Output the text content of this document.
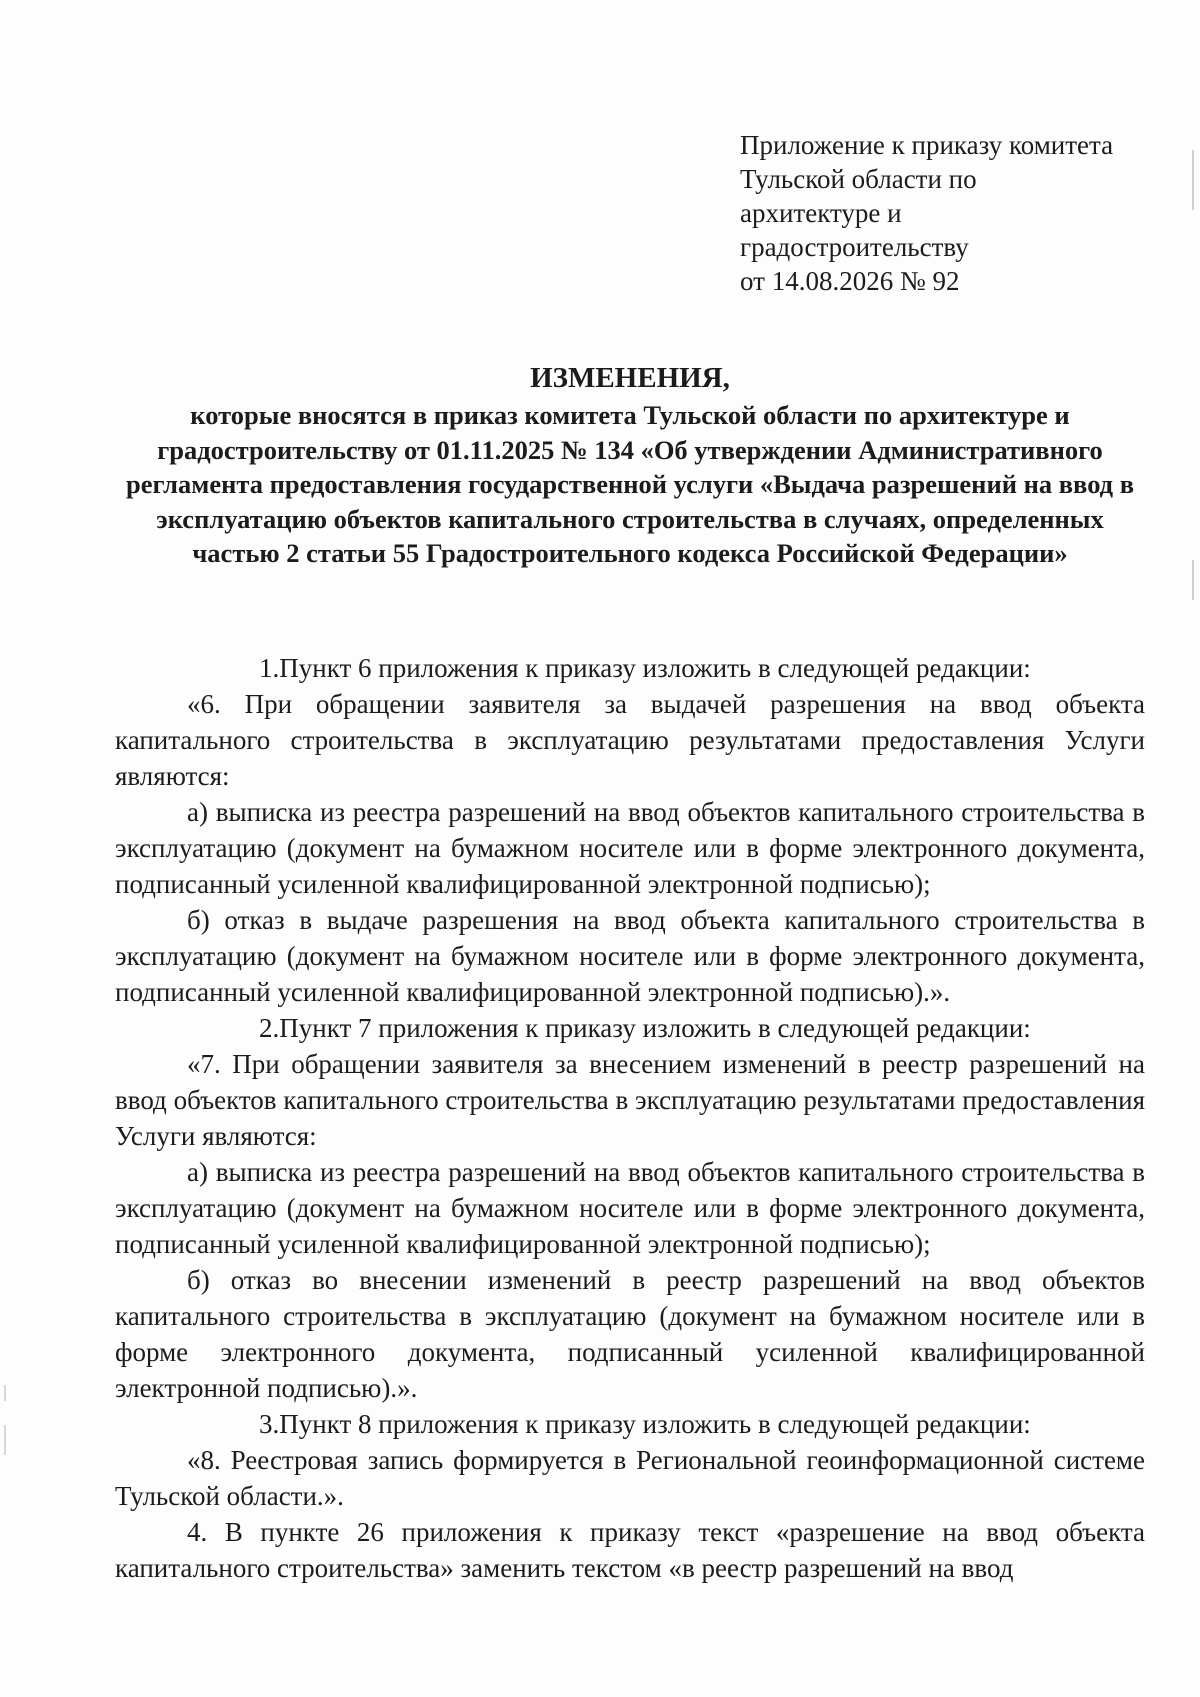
Приложение к приказу комитета
Тульской области по
архитектуре и
градостроительству
от 14.08.2026 № 92
ИЗМЕНЕНИЯ,
которые вносятся в приказ комитета Тульской области по архитектуре и градостроительству от 01.11.2025 № 134 «Об утверждении Административного регламента предоставления государственной услуги «Выдача разрешений на ввод в эксплуатацию объектов капитального строительства в случаях, определенных частью 2 статьи 55 Градостроительного кодекса Российской Федерации»

1.Пункт 6 приложения к приказу изложить в следующей редакции:

«6. При обращении заявителя за выдачей разрешения на ввод объекта капитального строительства в эксплуатацию результатами предоставления Услуги являются:

а) выписка из реестра разрешений на ввод объектов капитального строительства в эксплуатацию (документ на бумажном носителе или в форме электронного документа, подписанный усиленной квалифицированной электронной подписью);

б) отказ в выдаче разрешения на ввод объекта капитального строительства в эксплуатацию (документ на бумажном носителе или в форме электронного документа, подписанный усиленной квалифицированной электронной подписью).».

2.Пункт 7 приложения к приказу изложить в следующей редакции:

«7. При обращении заявителя за внесением изменений в реестр разрешений на ввод объектов капитального строительства в эксплуатацию результатами предоставления Услуги являются:

а) выписка из реестра разрешений на ввод объектов капитального строительства в эксплуатацию (документ на бумажном носителе или в форме электронного документа, подписанный усиленной квалифицированной электронной подписью);

б) отказ во внесении изменений в реестр разрешений на ввод объектов капитального строительства в эксплуатацию (документ на бумажном носителе или в форме электронного документа, подписанный усиленной квалифицированной электронной подписью).».

3.Пункт 8 приложения к приказу изложить в следующей редакции:

«8. Реестровая запись формируется в Региональной геоинформационной системе Тульской области.».

4. В пункте 26 приложения к приказу текст «разрешение на ввод объекта капитального строительства» заменить текстом «в реестр разрешений на ввод
